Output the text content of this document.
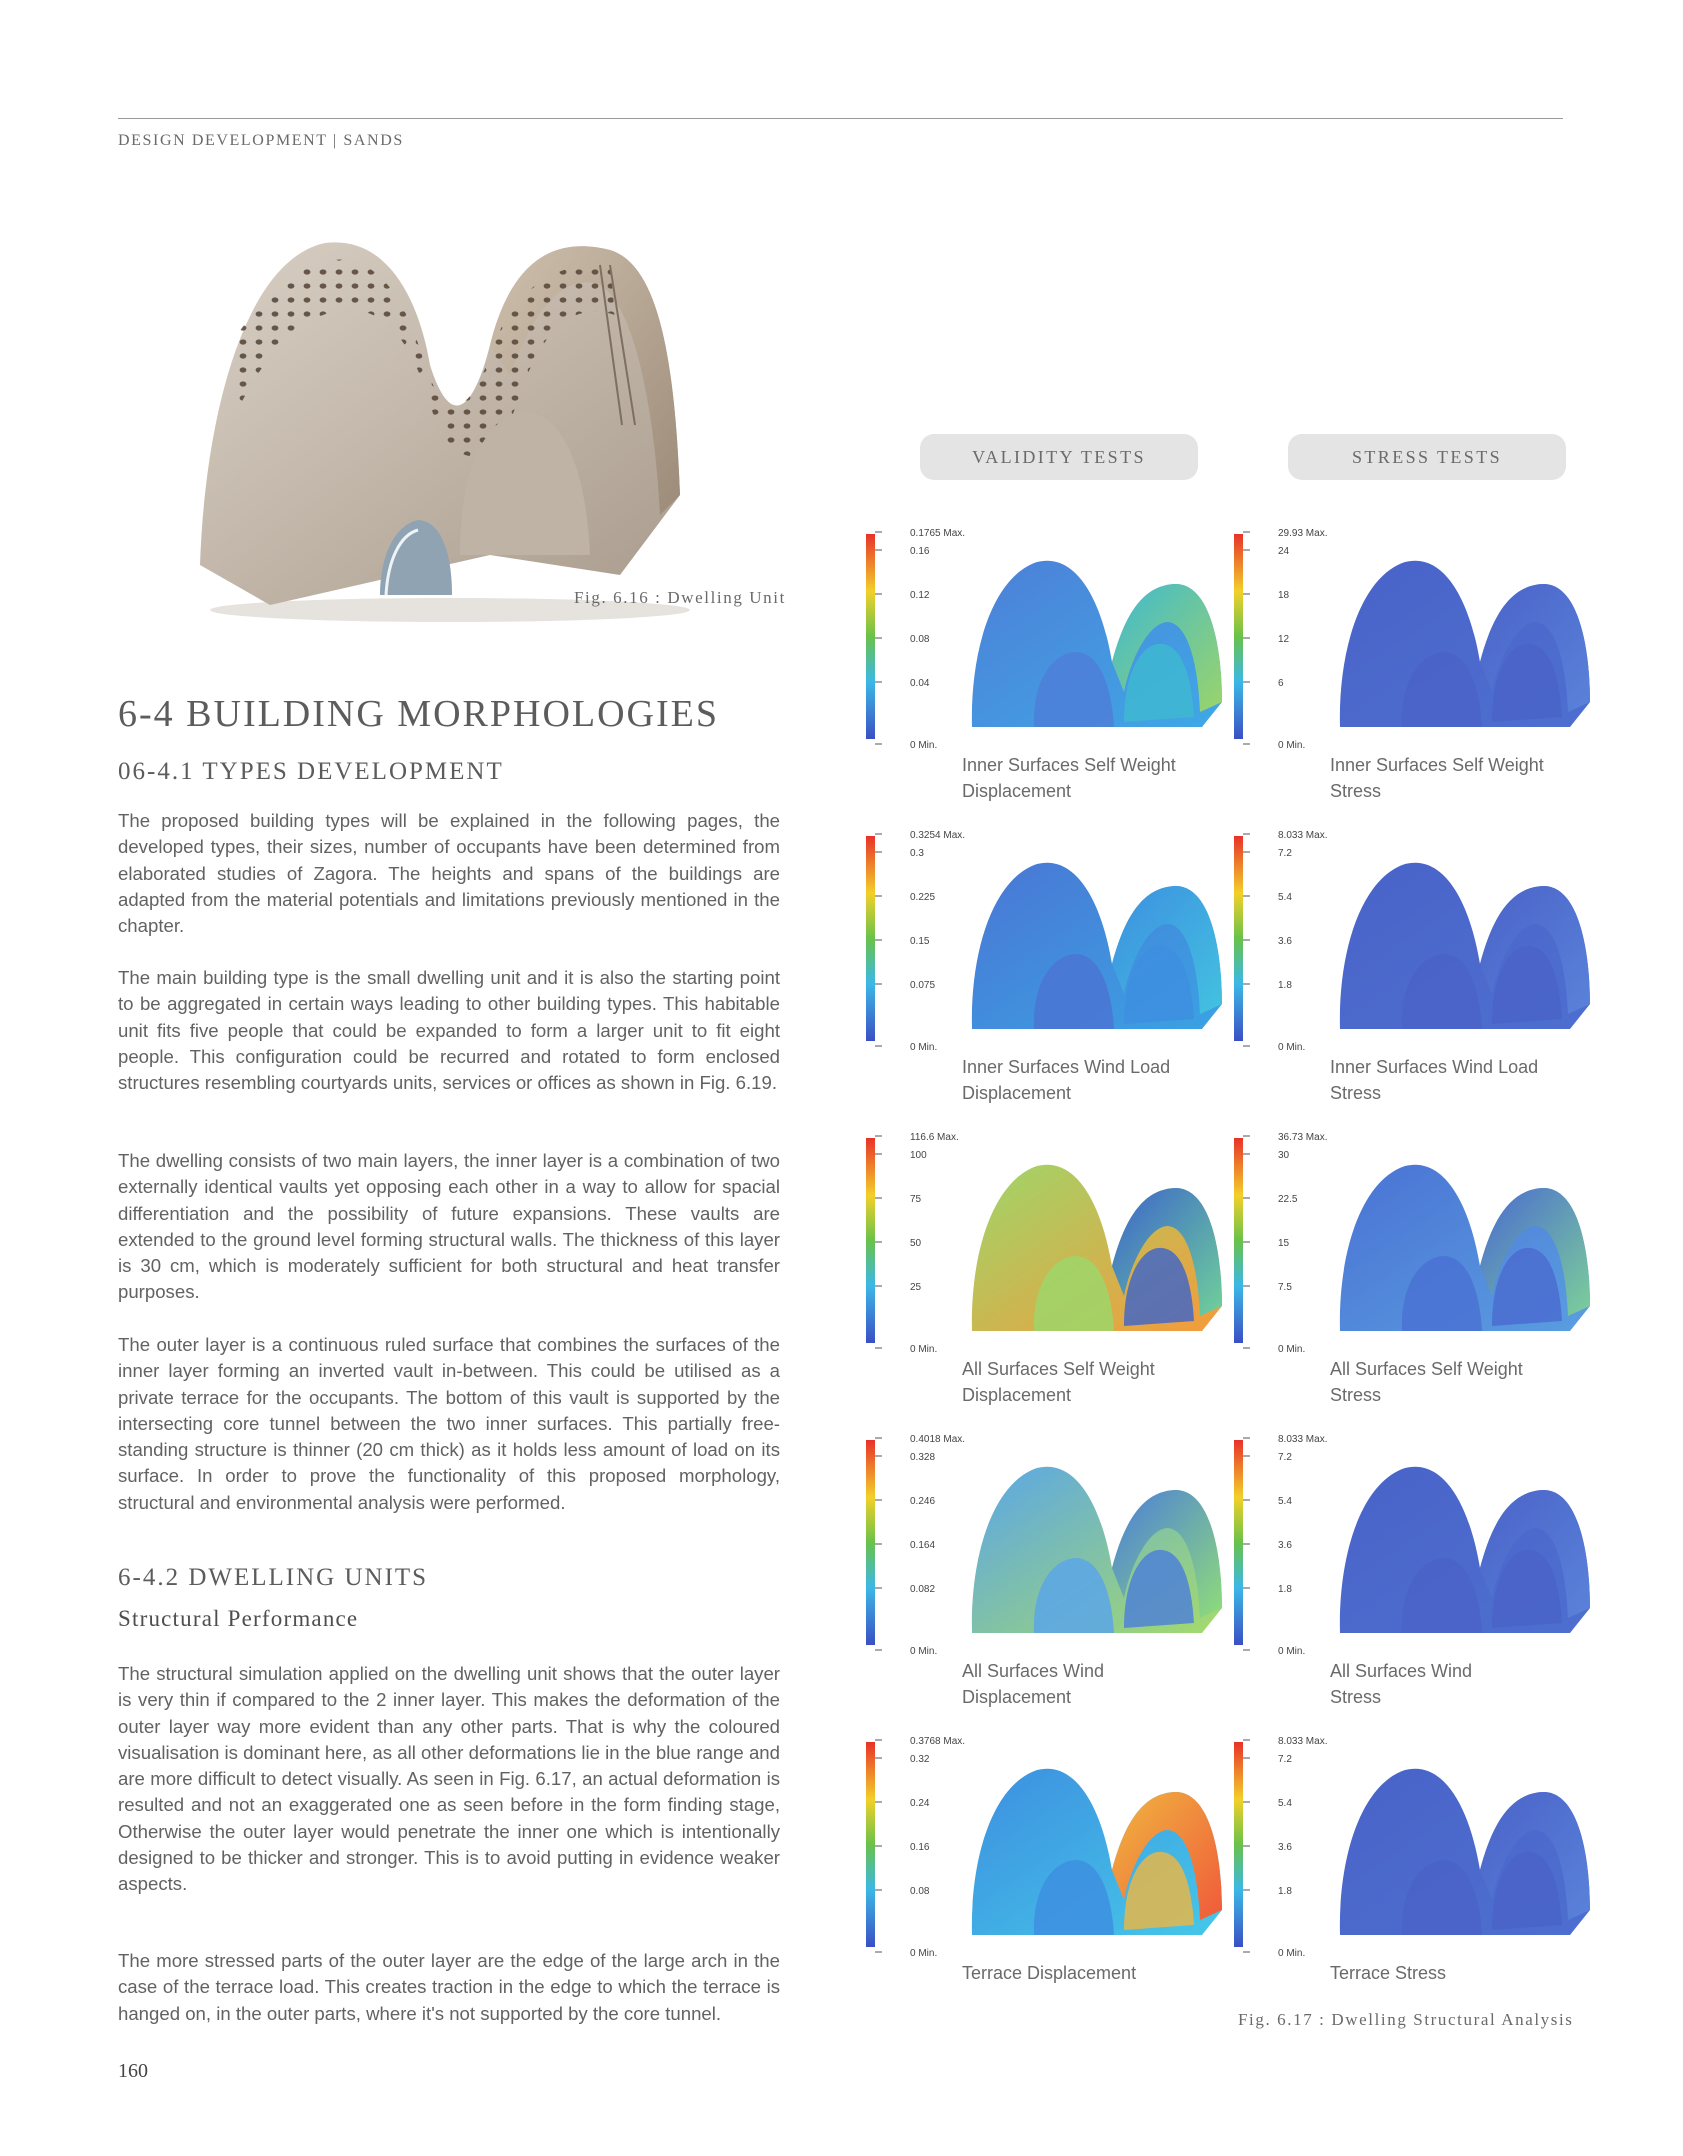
DESIGN DEVELOPMENT | SANDS
Fig. 6.16 : Dwelling Unit
6-4 BUILDING MORPHOLOGIES
06-4.1 TYPES DEVELOPMENT

The proposed building types will be explained in the following pages, the developed types, their sizes, number of occupants have been determined from elaborated studies of Zagora. The heights and spans of the buildings are adapted from the material potentials and limitations previously mentioned in the chapter.

The main building type is the small dwelling unit and it is also the starting point to be aggregated in certain ways leading to other building types. This habitable unit fits five people that could be expanded to form a larger unit to fit eight people. This configuration could be recurred and rotated to form enclosed structures resembling courtyards units, services or offices as shown in Fig. 6.19.

The dwelling consists of two main layers, the inner layer is a combination of two externally identical vaults yet opposing each other in a way to allow for spacial differentiation and the possibility of future expansions. These vaults are extended to the ground level forming structural walls. The thickness of this layer is 30 cm, which is moderately sufficient for both structural and heat transfer purposes.

The outer layer is a continuous ruled surface that combines the surfaces of the inner layer forming an inverted vault in-between. This could be utilised as a private terrace for the occupants. The bottom of this vault is supported by the intersecting core tunnel between the two inner surfaces. This partially free-standing structure is thinner (20 cm thick) as it holds less amount of load on its surface. In order to prove the functionality of this proposed morphology, structural and environmental analysis were performed.

6-4.2 DWELLING UNITS
Structural Performance

The structural simulation applied on the dwelling unit shows that the outer layer is very thin if compared to the 2 inner layer. This makes the deformation of the outer layer way more evident than any other parts. That is why the coloured visualisation is dominant here, as all other deformations lie in the blue range and are more difficult to detect visually. As seen in Fig. 6.17, an actual deformation is resulted and not an exaggerated one as seen before in the form finding stage, Otherwise the outer layer would penetrate the inner one which is intentionally designed to be thicker and stronger. This is to avoid putting in evidence weaker aspects.

The more stressed parts of the outer layer are the edge of the large arch in the case of the terrace load. This creates traction in the edge to which the terrace is hanged on, in the outer parts, where it's not supported by the core tunnel.

160
VALIDITY TESTS	STRESS TESTS
0.1765 Max.
0.16
0.12
0.08
0.04
0 Min.
Inner Surfaces Self Weight
Displacement
0.3254 Max.
0.3
0.225
0.15
0.075
0 Min.
Inner Surfaces Wind Load
Displacement
116.6 Max.
100
75
50
25
0 Min.
All Surfaces Self Weight
Displacement
0.4018 Max.
0.328
0.246
0.164
0.082
0 Min.
All Surfaces Wind
Displacement
0.3768 Max.
0.32
0.24
0.16
0.08
0 Min.
Terrace Displacement
29.93 Max.
24
18
12
6
0 Min.
Inner Surfaces Self Weight
Stress
8.033 Max.
7.2
5.4
3.6
1.8
0 Min.
Inner Surfaces Wind Load
Stress
36.73 Max.
30
22.5
15
7.5
0 Min.
All Surfaces Self Weight
Stress
8.033 Max.
7.2
5.4
3.6
1.8
0 Min.
All Surfaces Wind
Stress
8.033 Max.
7.2
5.4
3.6
1.8
0 Min.
Terrace Stress
Fig. 6.17 : Dwelling Structural Analysis
